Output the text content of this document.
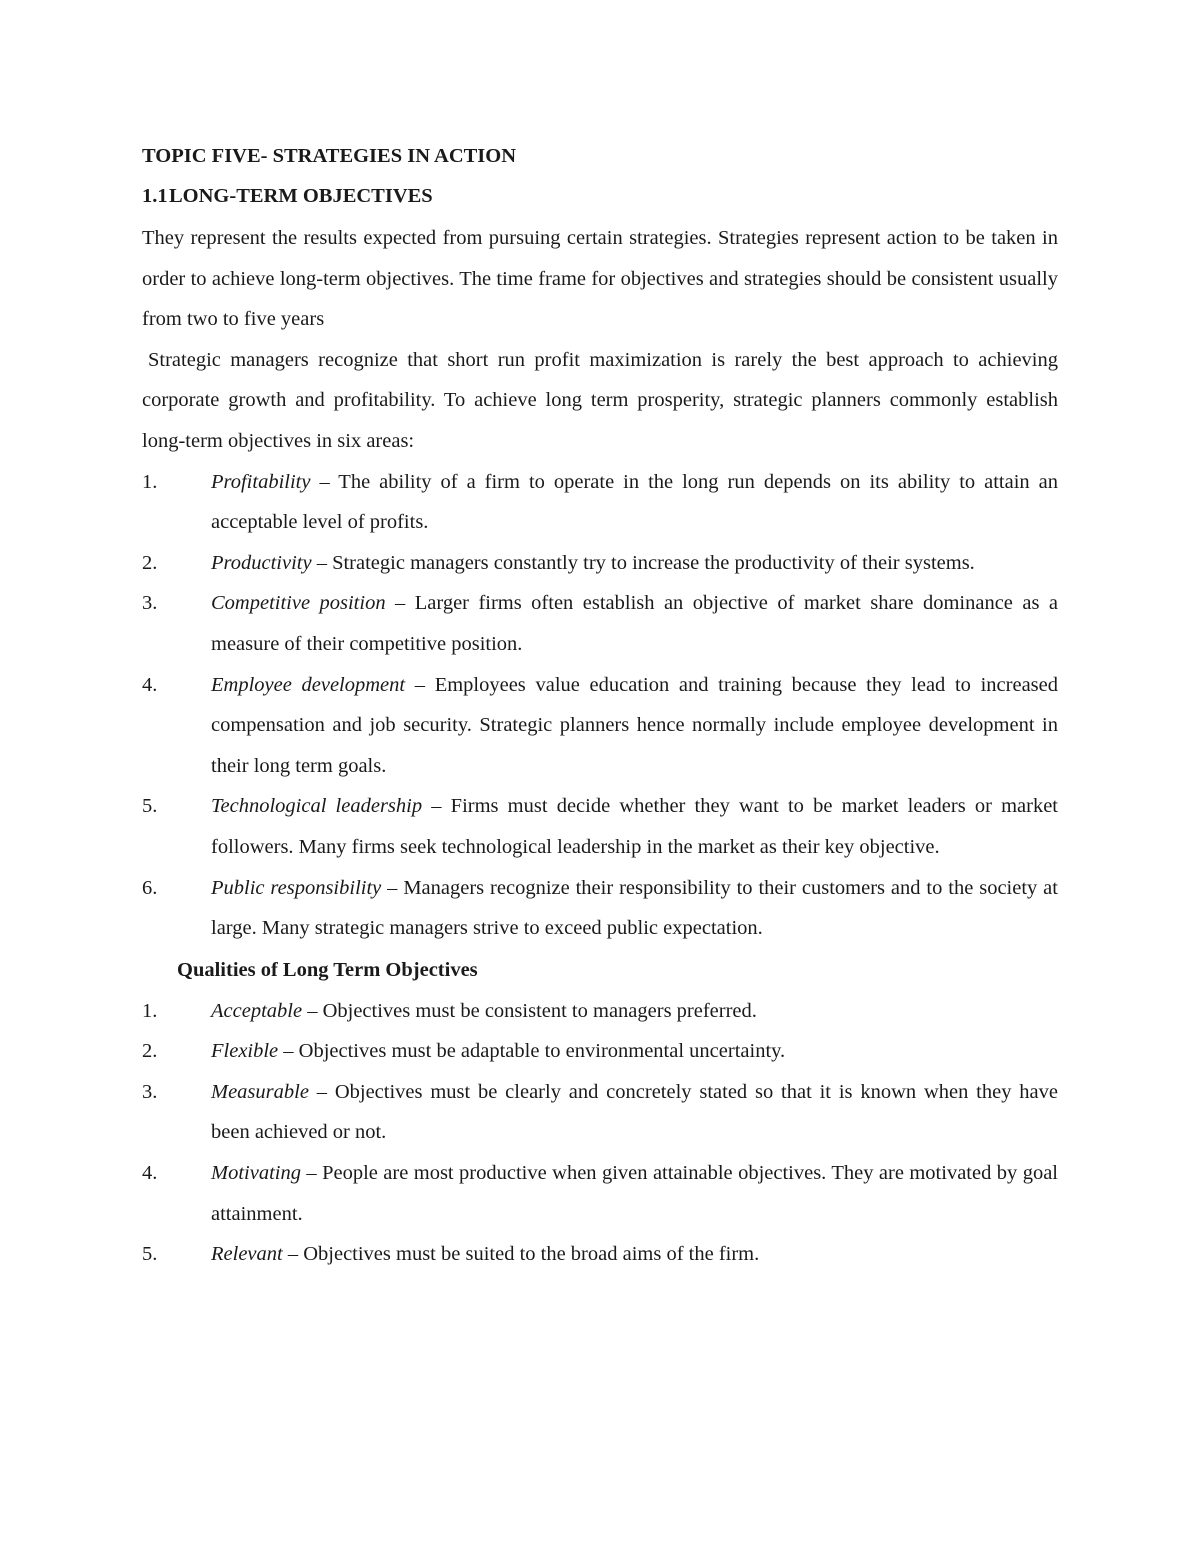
TOPIC FIVE- STRATEGIES IN ACTION
1.1LONG-TERM OBJECTIVES

They represent the results expected from pursuing certain strategies. Strategies represent action to be taken in order to achieve long-term objectives. The time frame for objectives and strategies should be consistent usually from two to five years

Strategic managers recognize that short run profit maximization is rarely the best approach to achieving corporate growth and profitability. To achieve long term prosperity, strategic planners commonly establish long-term objectives in six areas:

1.	Profitability – The ability of a firm to operate in the long run depends on its ability to attain an acceptable level of profits.
2.	Productivity – Strategic managers constantly try to increase the productivity of their systems.
3.	Competitive position – Larger firms often establish an objective of market share dominance as a measure of their competitive position.
4.	Employee development – Employees value education and training because they lead to increased compensation and job security. Strategic planners hence normally include employee development in their long term goals.
5.	Technological leadership – Firms must decide whether they want to be market leaders or market followers. Many firms seek technological leadership in the market as their key objective.
6.	Public responsibility – Managers recognize their responsibility to their customers and to the society at large. Many strategic managers strive to exceed public expectation.
Qualities of Long Term Objectives
1.	Acceptable – Objectives must be consistent to managers preferred.
2.	Flexible – Objectives must be adaptable to environmental uncertainty.
3.	Measurable – Objectives must be clearly and concretely stated so that it is known when they have been achieved or not.
4.	Motivating – People are most productive when given attainable objectives. They are motivated by goal attainment.
5.	Relevant – Objectives must be suited to the broad aims of the firm.
